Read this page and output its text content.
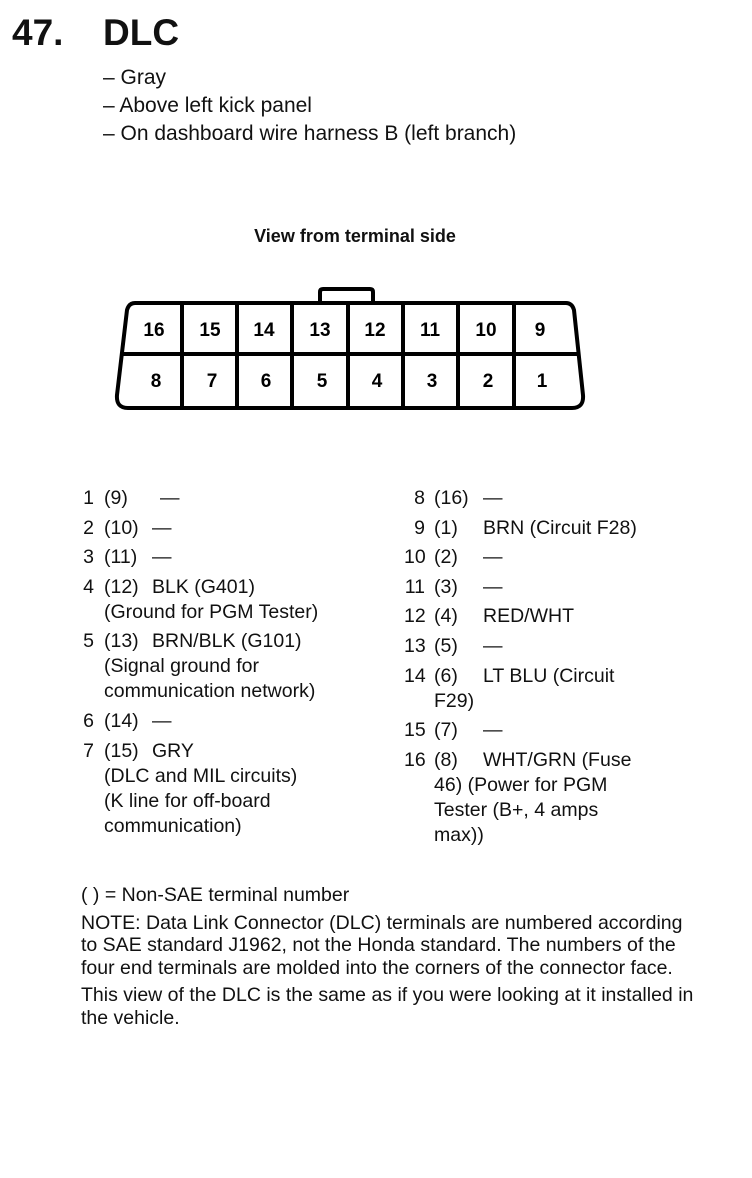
47. DLC
– Gray
– Above left kick panel
– On dashboard wire harness B (left branch)
View from terminal side
16 15 14 13 12 11 10 9
8 7 6 5 4 3 2 1
1 (9)	—
2 (10) —
3 (11) —
4 (12) BLK (G401)
(Ground for PGM Tester)
5 (13) BRN/BLK (G101)
(Signal ground for
communication network)
6 (14) —
7 (15) GRY
(DLC and MIL circuits)
(K line for off-board
communication)
8 (16) —
9 (1)	BRN (Circuit F28)
10 (2)	—
11 (3)	—
12 (4)	RED/WHT
13 (5)	—
14 (6)	LT BLU (Circuit
F29)
15 (7)	—
16 (8)	WHT/GRN (Fuse
46) (Power for PGM
Tester (B+, 4 amps
max))

( ) = Non-SAE terminal number

NOTE: Data Link Connector (DLC) terminals are numbered according to SAE standard J1962, not the Honda standard. The numbers of the four end terminals are molded into the corners of the connector face.

This view of the DLC is the same as if you were looking at it installed in the vehicle.
